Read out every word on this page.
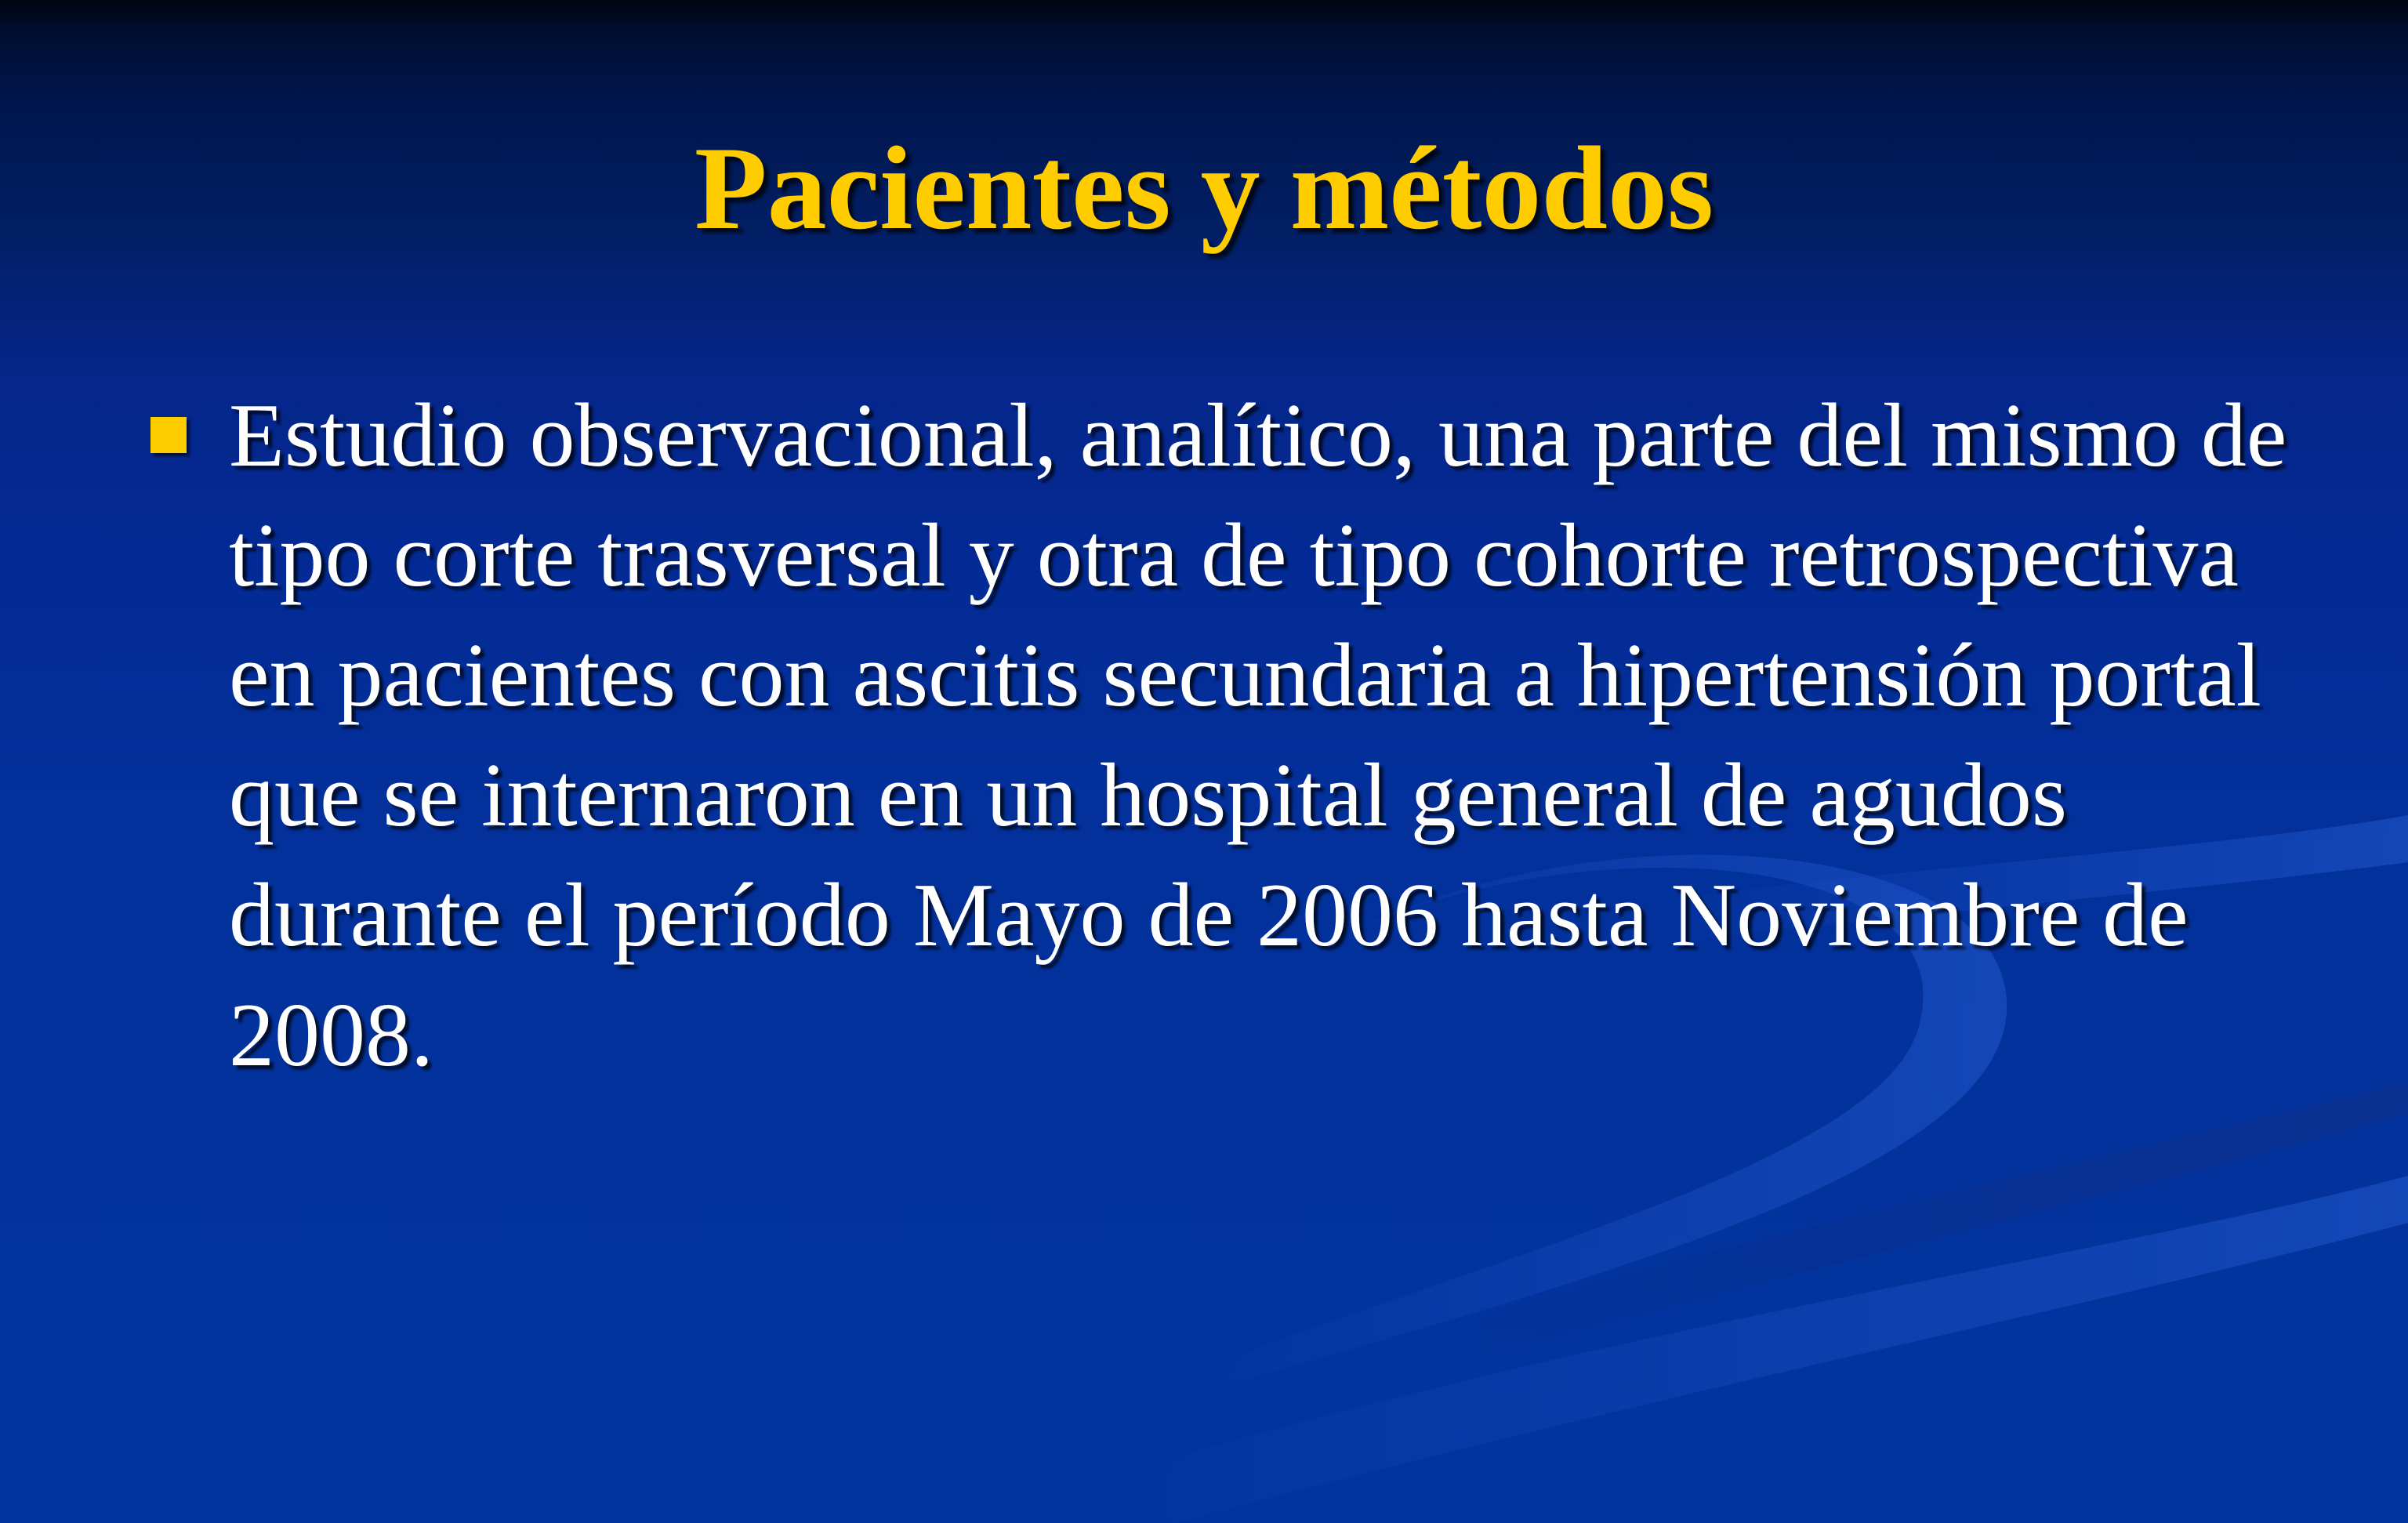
Pacientes y métodos
Estudio observacional, analítico, una parte del mismo de tipo corte trasversal y otra de tipo cohorte retrospectiva en pacientes con ascitis secundaria a hipertensión portal que se internaron en un hospital general de agudos durante el período Mayo de 2006 hasta Noviembre de 2008.
